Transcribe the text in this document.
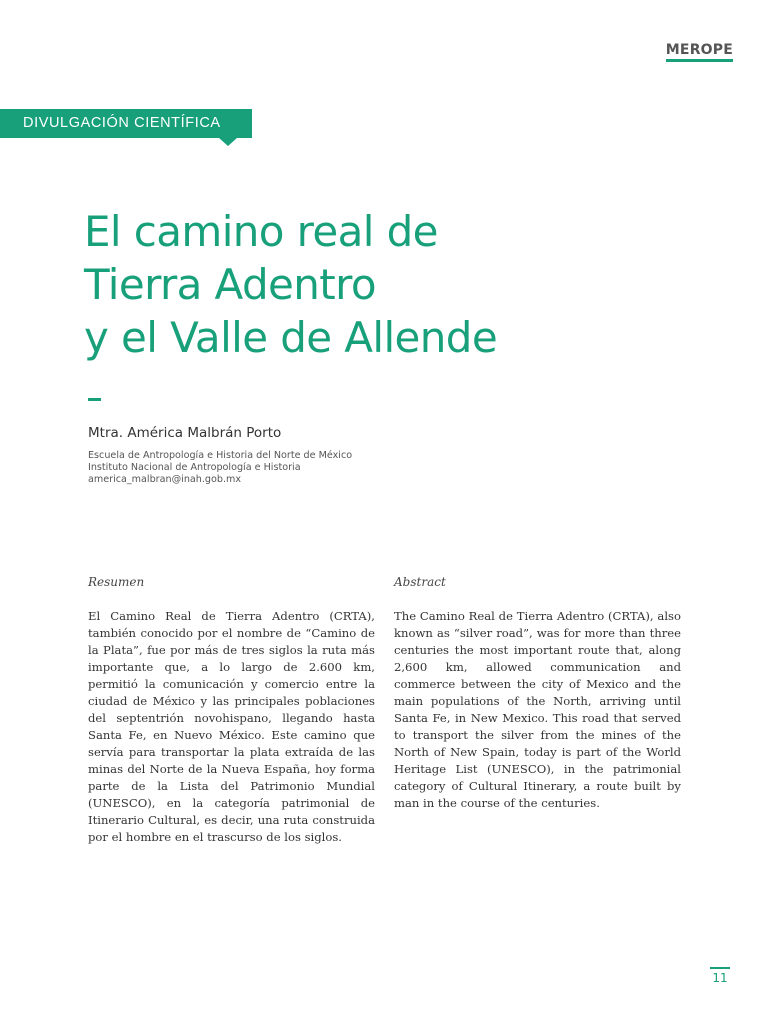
MEROPE
DIVULGACIÓN CIENTÍFICA
El camino real de
Tierra Adentro
y el Valle de Allende
Mtra. América Malbrán Porto
Escuela de Antropología e Historia del Norte de México
Instituto Nacional de Antropología e Historia
america_malbran@inah.gob.mx
Resumen

El Camino Real de Tierra Adentro (CRTA), también conocido por el nombre de “Camino de la Plata”, fue por más de tres siglos la ruta más importante que, a lo largo de 2.600 km, permitió la comunicación y comercio entre la ciudad de México y las principales poblaciones del septentrión novohispano, llegando hasta Santa Fe, en Nuevo México. Este camino que servía para transportar la plata extraída de las minas del Norte de la Nueva España, hoy forma parte de la Lista del Patrimonio Mundial (UNESCO), en la categoría patrimonial de Itinerario Cultural, es decir, una ruta construida por el hombre en el trascurso de los siglos.

Abstract

The Camino Real de Tierra Adentro (CRTA), also known as “silver road”, was for more than three centuries the most important route that, along 2,600 km, allowed communication and commerce between the city of Mexico and the main populations of the North, arriving until Santa Fe, in New Mexico. This road that served to transport the silver from the mines of the North of New Spain, today is part of the World Heritage List (UNESCO), in the patrimonial category of Cultural Itinerary, a route built by man in the course of the centuries.

11
